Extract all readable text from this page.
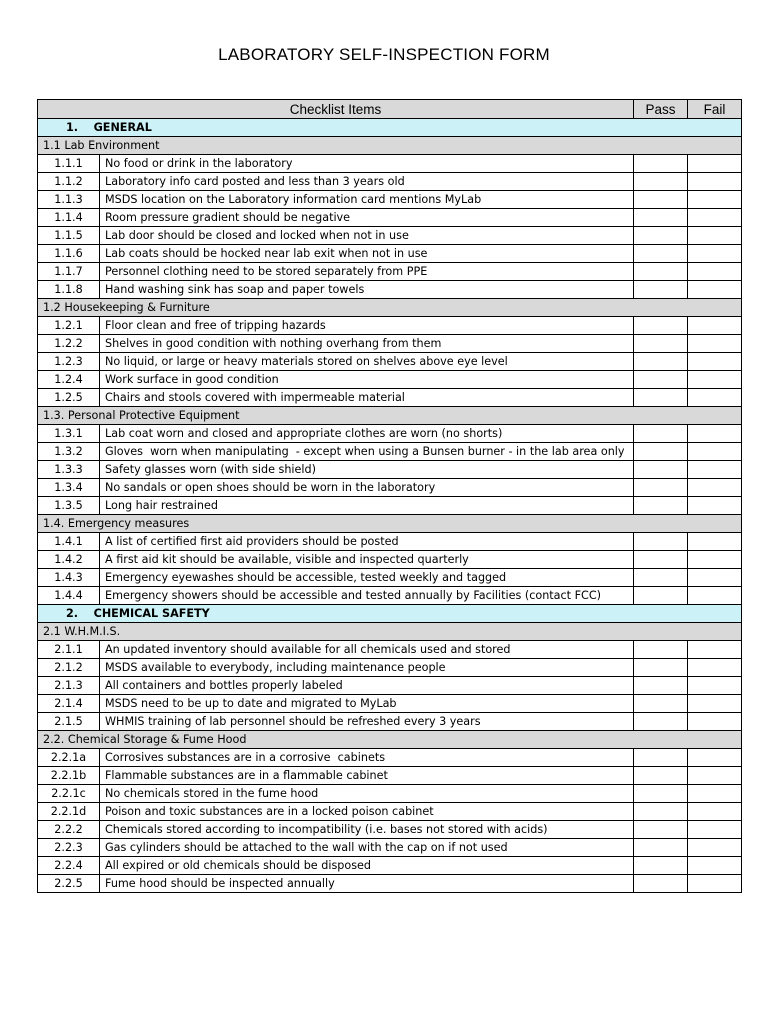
LABORATORY SELF-INSPECTION FORM
Checklist Items		Pass	Fail
1.    GENERAL			
1.1 Lab Environment			
1.1.1	No food or drink in the laboratory		
1.1.2	Laboratory info card posted and less than 3 years old		
1.1.3	MSDS location on the Laboratory information card mentions MyLab		
1.1.4	Room pressure gradient should be negative		
1.1.5	Lab door should be closed and locked when not in use		
1.1.6	Lab coats should be hocked near lab exit when not in use		
1.1.7	Personnel clothing need to be stored separately from PPE		
1.1.8	Hand washing sink has soap and paper towels		
1.2 Housekeeping & Furniture			
1.2.1	Floor clean and free of tripping hazards		
1.2.2	Shelves in good condition with nothing overhang from them		
1.2.3	No liquid, or large or heavy materials stored on shelves above eye level		
1.2.4	Work surface in good condition		
1.2.5	Chairs and stools covered with impermeable material		
1.3. Personal Protective Equipment			
1.3.1	Lab coat worn and closed and appropriate clothes are worn (no shorts)		
1.3.2	Gloves  worn when manipulating  - except when using a Bunsen burner - in the lab area only		
1.3.3	Safety glasses worn (with side shield)		
1.3.4	No sandals or open shoes should be worn in the laboratory		
1.3.5	Long hair restrained		
1.4. Emergency measures			
1.4.1	A list of certified first aid providers should be posted		
1.4.2	A first aid kit should be available, visible and inspected quarterly		
1.4.3	Emergency eyewashes should be accessible, tested weekly and tagged		
1.4.4	Emergency showers should be accessible and tested annually by Facilities (contact FCC)		
2.    CHEMICAL SAFETY			
2.1 W.H.M.I.S.			
2.1.1	An updated inventory should available for all chemicals used and stored		
2.1.2	MSDS available to everybody, including maintenance people		
2.1.3	All containers and bottles properly labeled		
2.1.4	MSDS need to be up to date and migrated to MyLab		
2.1.5	WHMIS training of lab personnel should be refreshed every 3 years		
2.2. Chemical Storage & Fume Hood			
2.2.1a	Corrosives substances are in a corrosive  cabinets		
2.2.1b	Flammable substances are in a flammable cabinet		
2.2.1c	No chemicals stored in the fume hood		
2.2.1d	Poison and toxic substances are in a locked poison cabinet		
2.2.2	Chemicals stored according to incompatibility (i.e. bases not stored with acids)		
2.2.3	Gas cylinders should be attached to the wall with the cap on if not used		
2.2.4	All expired or old chemicals should be disposed		
2.2.5	Fume hood should be inspected annually		
